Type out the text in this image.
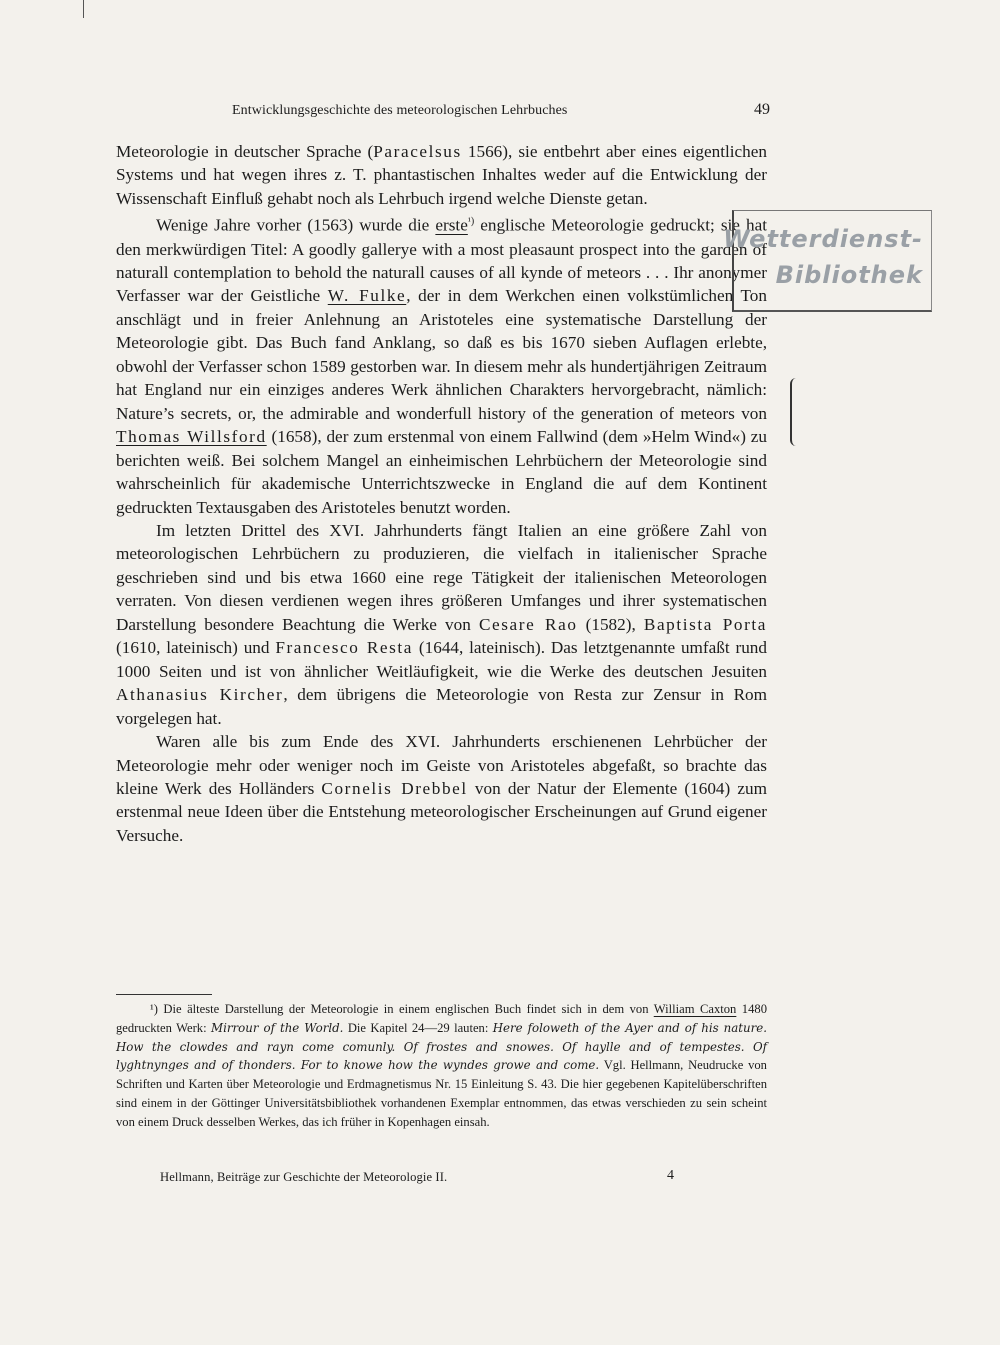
Entwicklungsgeschichte des meteorologischen Lehrbuches	49

Meteorologie in deutscher Sprache (Paracelsus 1566), sie entbehrt aber eines eigentlichen Systems und hat wegen ihres z. T. phantastischen Inhaltes weder auf die Entwicklung der Wissenschaft Einfluß gehabt noch als Lehrbuch irgend welche Dienste getan.

Wenige Jahre vorher (1563) wurde die erste$^{^1)}$ englische Meteorologie gedruckt; sie hat den merkwürdigen Titel: A goodly gallerye with a most pleasaunt prospect into the garden of naturall contemplation to behold the naturall causes of all kynde of meteors . . . Ihr anonymer Verfasser war der Geistliche W. Fulke, der in dem Werkchen einen volkstümlichen Ton anschlägt und in freier Anlehnung an Aristoteles eine systematische Darstellung der Meteorologie gibt. Das Buch fand Anklang, so daß es bis 1670 sieben Auflagen erlebte, obwohl der Verfasser schon 1589 gestorben war. In diesem mehr als hundertjährigen Zeitraum hat England nur ein einziges anderes Werk ähnlichen Charakters hervorgebracht, nämlich: Nature’s secrets, or, the admirable and wonderfull history of the generation of meteors von Thomas Willsford (1658), der zum erstenmal von einem Fallwind (dem »Helm Wind«) zu berichten weiß. Bei solchem Mangel an einheimischen Lehrbüchern der Meteorologie sind wahrscheinlich für akademische Unterrichtszwecke in England die auf dem Kontinent gedruckten Textausgaben des Aristoteles benutzt worden.

Im letzten Drittel des XVI. Jahrhunderts fängt Italien an eine größere Zahl von meteorologischen Lehrbüchern zu produzieren, die vielfach in italienischer Sprache geschrieben sind und bis etwa 1660 eine rege Tätigkeit der italienischen Meteorologen verraten. Von diesen verdienen wegen ihres größeren Umfanges und ihrer systematischen Darstellung besondere Beachtung die Werke von Cesare Rao (1582), Baptista Porta (1610, lateinisch) und Francesco Resta (1644, lateinisch). Das letztgenannte umfaßt rund 1000 Seiten und ist von ähnlicher Weitläufigkeit, wie die Werke des deutschen Jesuiten Athanasius Kircher, dem übrigens die Meteorologie von Resta zur Zensur in Rom vorgelegen hat.

Waren alle bis zum Ende des XVI. Jahrhunderts erschienenen Lehrbücher der Meteorologie mehr oder weniger noch im Geiste von Aristoteles abgefaßt, so brachte das kleine Werk des Holländers Cornelis Drebbel von der Natur der Elemente (1604) zum erstenmal neue Ideen über die Entstehung meteorologischer Erscheinungen auf Grund eigener Versuche.

¹) Die älteste Darstellung der Meteorologie in einem englischen Buch findet sich in dem von William Caxton 1480 gedruckten Werk: Mirrour of the World. Die Kapitel 24—29 lauten: Here foloweth of the Ayer and of his nature. How the clowdes and rayn come comunly. Of frostes and snowes. Of haylle and of tempestes. Of lyghtnynges and of thonders. For to knowe how the wyndes growe and come. Vgl. Hellmann, Neudrucke von Schriften und Karten über Meteorologie und Erdmagnetismus Nr. 15 Einleitung S. 43. Die hier gegebenen Kapitelüberschriften sind einem in der Göttinger Universitätsbibliothek vorhandenen Exemplar entnommen, das etwas verschieden zu sein scheint von einem Druck desselben Werkes, das ich früher in Kopenhagen einsah.

Hellmann, Beiträge zur Geschichte der Meteorologie II.	4
Wetterdienst-
Bibliothek
